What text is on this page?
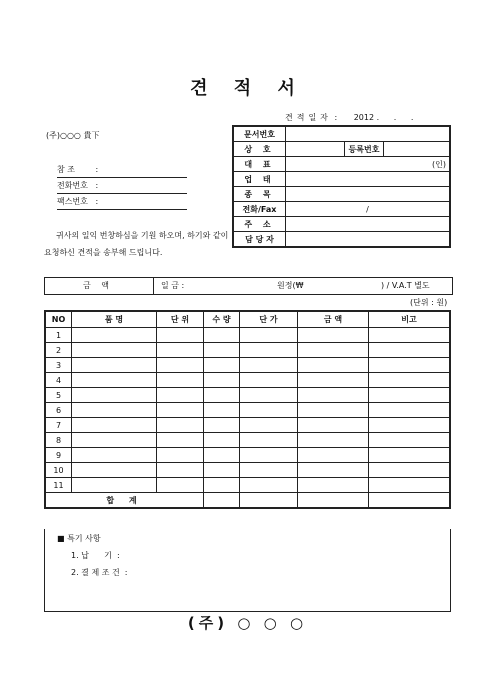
견 적 서
견적일자 : 2012 . . .
(주)○○○ 貴下
참 조	:
전화번호 :
팩스번호 :
귀사의 일익 번창하심을 기원 하오며, 하기와 같이
요청하신 견적을 송부해 드립니다.
문서번호			
상 호		등록번호	
대 표	(인)		

업 태			
종 목			
전화/Fax	/		
주 소			
담 당 자			
금 액	일 금 :	원정(₩	) / V.A.T 별도
(단위 : 원)
NO	품 명	단 위	수 량	단 가	금 액	비고
1						
2						
3						
4						
5						
6						
7						
8						
9						
10						
11						
합 계						
■ 특기 사항
1. 납      기  :
2. 결 제 조 건  :
(주) ○ ○ ○
